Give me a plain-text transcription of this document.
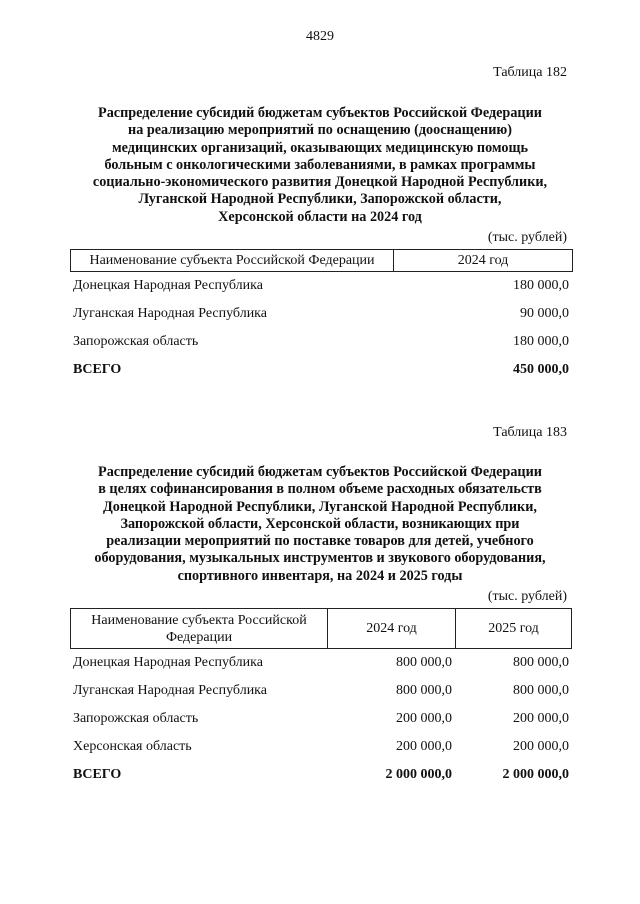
4829
Таблица 182
Распределение субсидий бюджетам субъектов Российской Федерации
на реализацию мероприятий по оснащению (дооснащению)
медицинских организаций, оказывающих медицинскую помощь
больным с онкологическими заболеваниями, в рамках программы
социально-экономического развития Донецкой Народной Республики,
Луганской Народной Республики, Запорожской области,
Херсонской области на 2024 год
(тыс. рублей)
Наименование субъекта Российской Федерации	2024 год
Донецкая Народная Республика	180 000,0
Луганская Народная Республика	90 000,0
Запорожская область	180 000,0
ВСЕГО	450 000,0
Таблица 183
Распределение субсидий бюджетам субъектов Российской Федерации
в целях софинансирования в полном объеме расходных обязательств
Донецкой Народной Республики, Луганской Народной Республики,
Запорожской области, Херсонской области, возникающих при
реализации мероприятий по поставке товаров для детей, учебного
оборудования, музыкальных инструментов и звукового оборудования,
спортивного инвентаря, на 2024 и 2025 годы
(тыс. рублей)
Наименование субъекта Российской Федерации	2024 год	2025 год
Донецкая Народная Республика	800 000,0	800 000,0
Луганская Народная Республика	800 000,0	800 000,0
Запорожская область	200 000,0	200 000,0
Херсонская область	200 000,0	200 000,0
ВСЕГО	2 000 000,0	2 000 000,0
